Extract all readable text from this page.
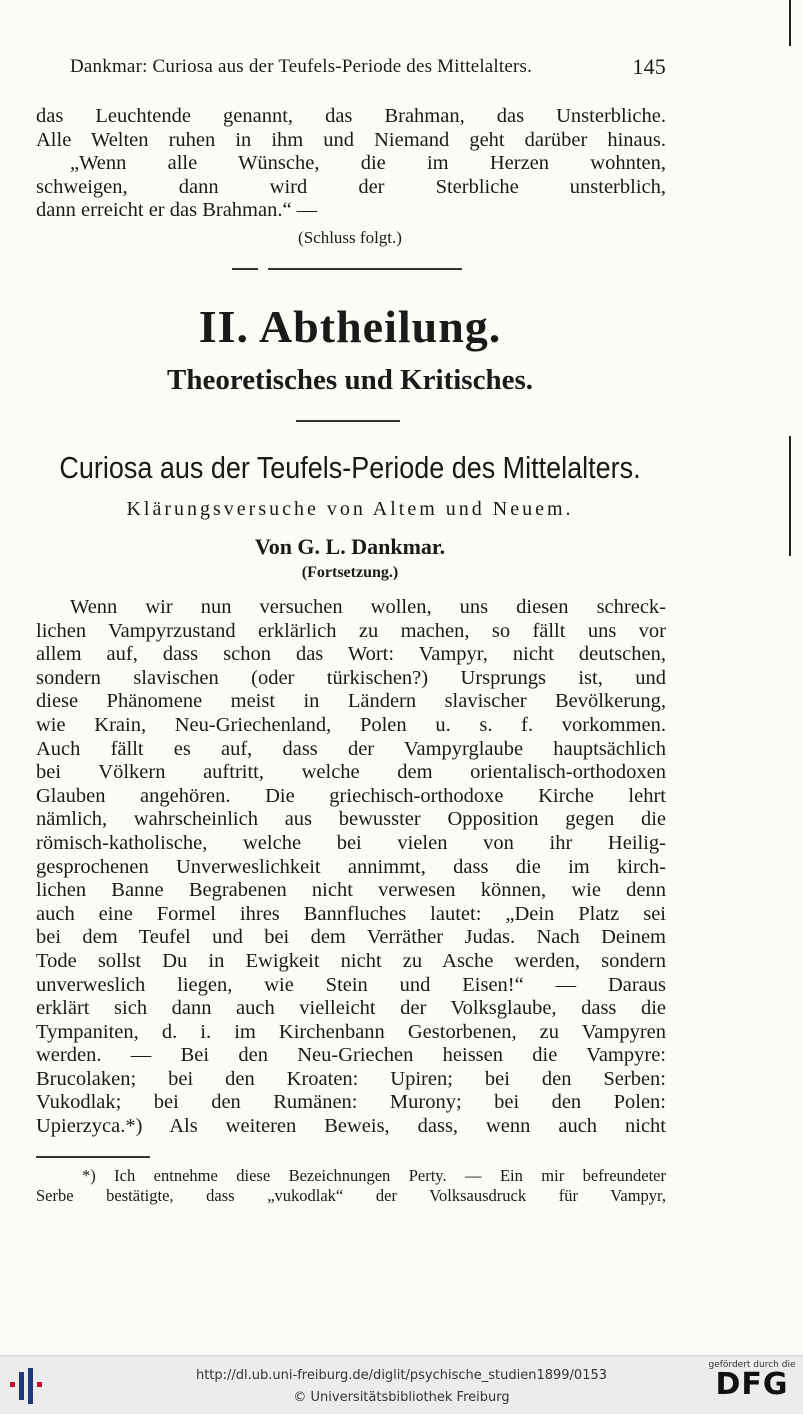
Dankmar: Curiosa aus der Teufels-Periode des Mittelalters.	145
das Leuchtende genannt, das Brahman, das Unsterbliche.
Alle Welten ruhen in ihm und Niemand geht darüber hinaus.
„Wenn alle Wünsche, die im Herzen wohnten,
schweigen, dann wird der Sterbliche unsterblich,
dann erreicht er das Brahman.“ —
(Schluss folgt.)
II. Abtheilung.
Theoretisches und Kritisches.
Curiosa aus der Teufels-Periode des Mittelalters.
Klärungsversuche von Altem und Neuem.
Von G. L. Dankmar.
(Fortsetzung.)
Wenn wir nun versuchen wollen, uns diesen schreck-
lichen Vampyrzustand erklärlich zu machen, so fällt uns vor
allem auf, dass schon das Wort: Vampyr, nicht deutschen,
sondern slavischen (oder türkischen?) Ursprungs ist, und
diese Phänomene meist in Ländern slavischer Bevölkerung,
wie Krain, Neu-Griechenland, Polen u. s. f. vorkommen.
Auch fällt es auf, dass der Vampyrglaube hauptsächlich
bei Völkern auftritt, welche dem orientalisch-orthodoxen
Glauben angehören. Die griechisch-orthodoxe Kirche lehrt
nämlich, wahrscheinlich aus bewusster Opposition gegen die
römisch-katholische, welche bei vielen von ihr Heilig-
gesprochenen Unverweslichkeit annimmt, dass die im kirch-
lichen Banne Begrabenen nicht verwesen können, wie denn
auch eine Formel ihres Bannfluches lautet: „Dein Platz sei
bei dem Teufel und bei dem Verräther Judas. Nach Deinem
Tode sollst Du in Ewigkeit nicht zu Asche werden, sondern
unverweslich liegen, wie Stein und Eisen!“ — Daraus
erklärt sich dann auch vielleicht der Volksglaube, dass die
Tympaniten, d. i. im Kirchenbann Gestorbenen, zu Vampyren
werden. — Bei den Neu-Griechen heissen die Vampyre:
Brucolaken; bei den Kroaten: Upiren; bei den Serben:
Vukodlak; bei den Rumänen: Murony; bei den Polen:
Upierzyca.*) Als weiteren Beweis, dass, wenn auch nicht
*) Ich entnehme diese Bezeichnungen Perty. — Ein mir befreundeter
Serbe bestätigte, dass „vukodlak“ der Volksausdruck für Vampyr,
http://dl.ub.uni-freiburg.de/diglit/psychische_studien1899/0153
© Universitätsbibliothek Freiburg
gefördert durch die
DFG
